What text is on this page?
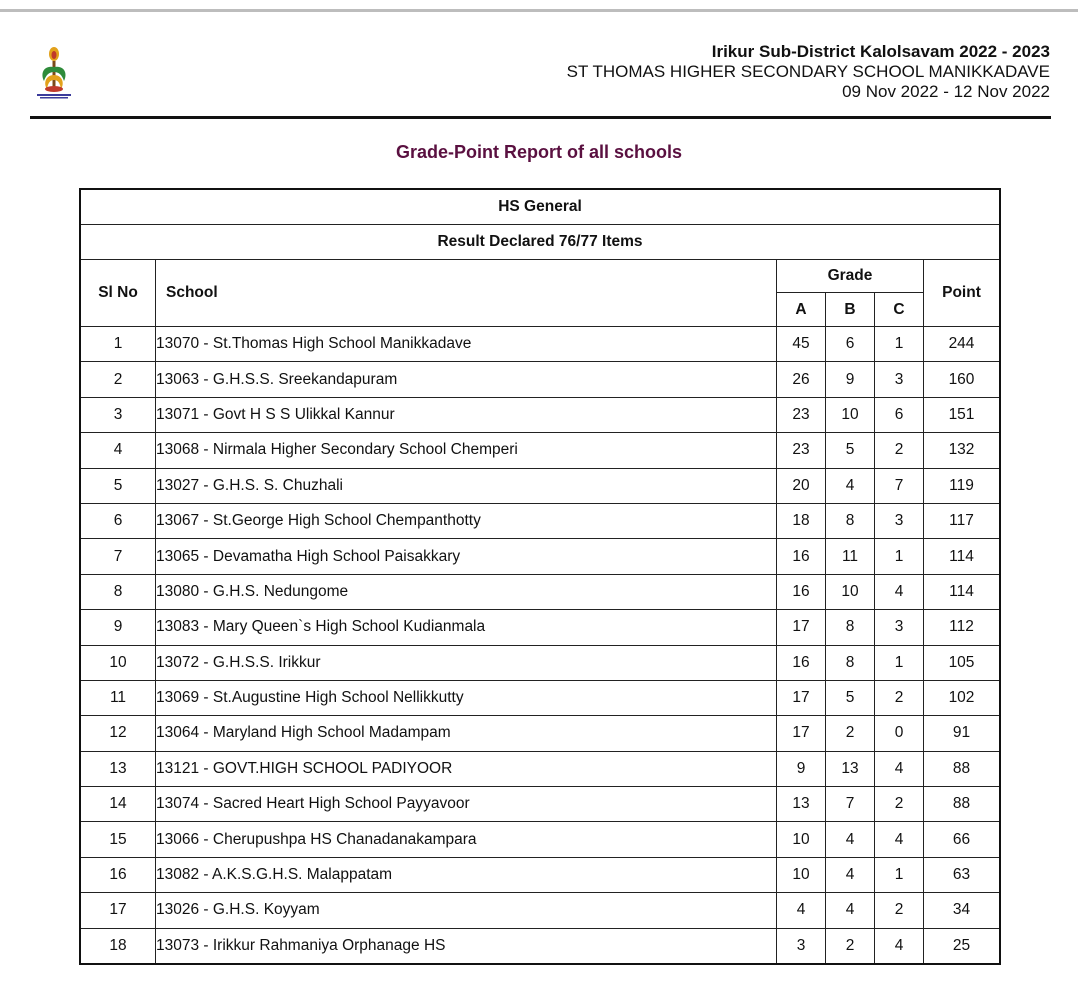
Irikur Sub-District Kalolsavam 2022 - 2023
ST THOMAS HIGHER SECONDARY SCHOOL MANIKKADAVE
09 Nov 2022 - 12 Nov 2022
Grade-Point Report of all schools
HS General					
Result Declared 76/77 Items					
Sl No	School	Grade			Point
		A	B	C	
1	13070 - St.Thomas High School Manikkadave	45	6	1	244
2	13063 - G.H.S.S. Sreekandapuram	26	9	3	160
3	13071 - Govt H S S Ulikkal Kannur	23	10	6	151
4	13068 - Nirmala Higher Secondary School Chemperi	23	5	2	132
5	13027 - G.H.S. S. Chuzhali	20	4	7	119
6	13067 - St.George High School Chempanthotty	18	8	3	117
7	13065 - Devamatha High School Paisakkary	16	11	1	114
8	13080 - G.H.S. Nedungome	16	10	4	114
9	13083 - Mary Queen`s High School Kudianmala	17	8	3	112
10	13072 - G.H.S.S. Irikkur	16	8	1	105
11	13069 - St.Augustine High School Nellikkutty	17	5	2	102
12	13064 - Maryland High School Madampam	17	2	0	91
13	13121 - GOVT.HIGH SCHOOL PADIYOOR	9	13	4	88
14	13074 - Sacred Heart High School Payyavoor	13	7	2	88
15	13066 - Cherupushpa HS Chanadanakampara	10	4	4	66
16	13082 - A.K.S.G.H.S. Malappatam	10	4	1	63
17	13026 - G.H.S. Koyyam	4	4	2	34
18	13073 - Irikkur Rahmaniya Orphanage HS	3	2	4	25
